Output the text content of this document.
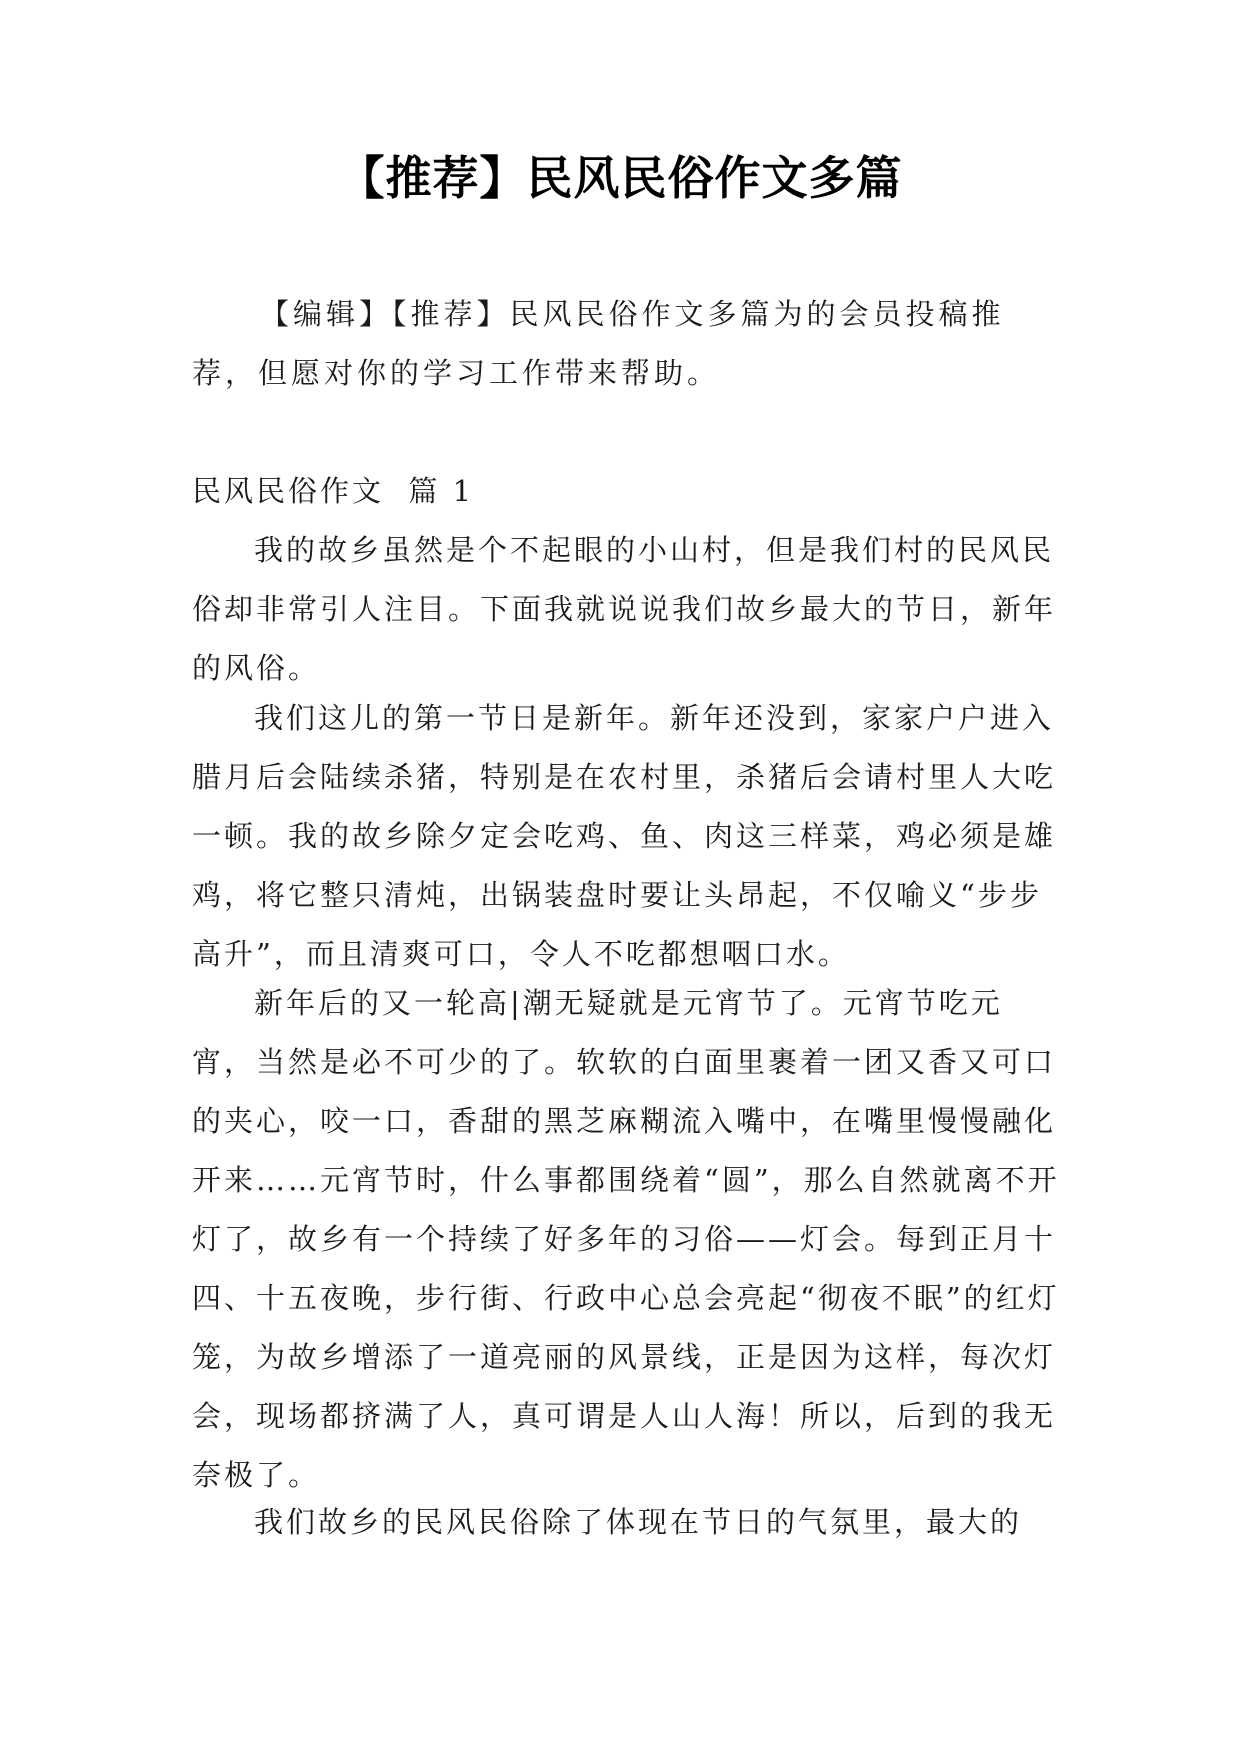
【推荐】民风民俗作文多篇

【编辑】【推荐】民风民俗作文多篇为的会员投稿推荐，但愿对你的学习工作带来帮助。

民风民俗作文  篇 1

我的故乡虽然是个不起眼的小山村，但是我们村的民风民俗却非常引人注目。下面我就说说我们故乡最大的节日，新年的风俗。

我们这儿的第一节日是新年。新年还没到，家家户户进入腊月后会陆续杀猪，特别是在农村里，杀猪后会请村里人大吃一顿。我的故乡除夕定会吃鸡、鱼、肉这三样菜，鸡必须是雄鸡，将它整只清炖，出锅装盘时要让头昂起，不仅喻义“步步高升”，而且清爽可口，令人不吃都想咽口水。

新年后的又一轮高|潮无疑就是元宵节了。元宵节吃元宵，当然是必不可少的了。软软的白面里裹着一团又香又可口的夹心，咬一口，香甜的黑芝麻糊流入嘴中，在嘴里慢慢融化开来……元宵节时，什么事都围绕着“圆”，那么自然就离不开灯了，故乡有一个持续了好多年的习俗——灯会。每到正月十四、十五夜晚，步行街、行政中心总会亮起“彻夜不眠”的红灯笼，为故乡增添了一道亮丽的风景线，正是因为这样，每次灯会，现场都挤满了人，真可谓是人山人海！所以，后到的我无奈极了。

我们故乡的民风民俗除了体现在节日的气氛里，最大的
